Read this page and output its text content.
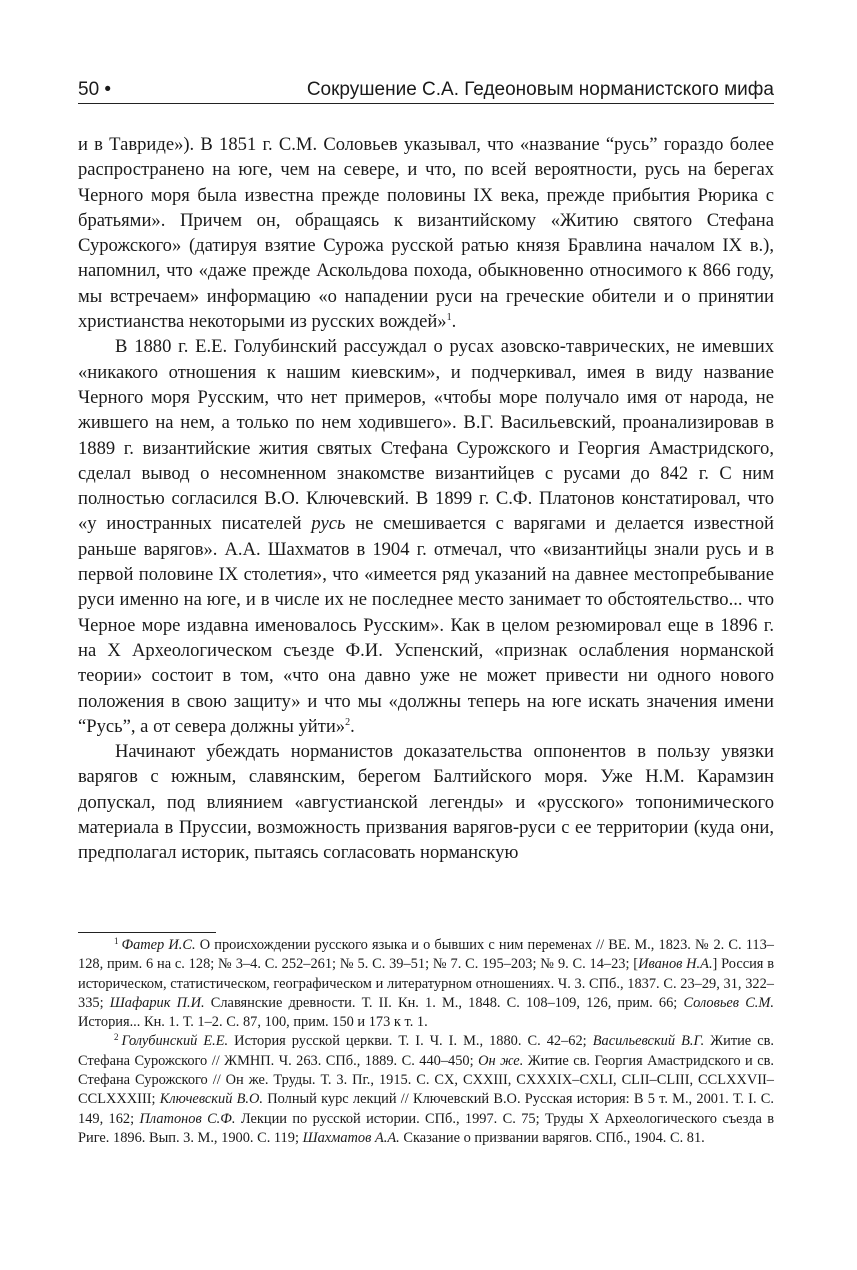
50 •	Сокрушение С.А. Гедеоновым норманистского мифа

и в Тавриде»). В 1851 г. С.М. Соловьев указывал, что «название “русь” гораздо более распространено на юге, чем на севере, и что, по всей вероятности, русь на берегах Черного моря была известна прежде половины IX века, прежде прибытия Рюрика с братьями». Причем он, обращаясь к византийскому «Житию святого Стефана Сурожского» (датируя взятие Сурожа русской ратью князя Бравлина началом IX в.), напомнил, что «даже прежде Аскольдова похода, обыкновенно относимого к 866 году, мы встречаем» информацию «о нападении руси на греческие обители и о принятии христианства некоторыми из русских вождей»$^1$.

В 1880 г. Е.Е. Голубинский рассуждал о русах азовско-таврических, не имевших «никакого отношения к нашим киевским», и подчеркивал, имея в виду название Черного моря Русским, что нет примеров, «чтобы море получало имя от народа, не жившего на нем, а только по нем ходившего». В.Г. Васильевский, проанализировав в 1889 г. византийские жития святых Стефана Сурожского и Георгия Амастридского, сделал вывод о несомненном знакомстве византийцев с русами до 842 г. С ним полностью согласился В.О. Ключевский. В 1899 г. С.Ф. Платонов констатировал, что «у иностранных писателей русь не смешивается с варягами и делается известной раньше варягов». А.А. Шахматов в 1904 г. отмечал, что «византийцы знали русь и в первой половине IX столетия», что «имеется ряд указаний на давнее местопребывание руси именно на юге, и в числе их не последнее место занимает то обстоятельство... что Черное море издавна именовалось Русским». Как в целом резюмировал еще в 1896 г. на X Археологическом съезде Ф.И. Успенский, «признак ослабления норманской теории» состоит в том, «что она давно уже не может привести ни одного нового положения в свою защиту» и что мы «должны теперь на юге искать значения имени “Русь”, а от севера должны уйти»$^2$.

Начинают убеждать норманистов доказательства оппонентов в пользу увязки варягов с южным, славянским, берегом Балтийского моря. Уже Н.М. Карамзин допускал, под влиянием «августианской легенды» и «русского» топонимического материала в Пруссии, возможность призвания варягов-руси с ее территории (куда они, предполагал историк, пытаясь согласовать норманскую

$^1$ Фатер И.С. О происхождении русского языка и о бывших с ним переменах // ВЕ. М., 1823. № 2. С. 113–128, прим. 6 на с. 128; № 3–4. С. 252–261; № 5. С. 39–51; № 7. С. 195–203; № 9. С. 14–23; [Иванов Н.А.] Россия в историческом, статистическом, географическом и литературном отношениях. Ч. 3. СПб., 1837. С. 23–29, 31, 322–335; Шафарик П.И. Славянские древности. Т. II. Кн. 1. М., 1848. С. 108–109, 126, прим. 66; Соловьев С.М. История... Кн. 1. Т. 1–2. С. 87, 100, прим. 150 и 173 к т. 1.

$^2$ Голубинский Е.Е. История русской церкви. Т. I. Ч. I. М., 1880. С. 42–62; Васильевский В.Г. Житие св. Стефана Сурожского // ЖМНП. Ч. 263. СПб., 1889. С. 440–450; Он же. Житие св. Георгия Амастридского и св. Стефана Сурожского // Он же. Труды. Т. 3. Пг., 1915. С. CX, CXXIII, CXXXIX–CXLI, CLII–CLIII, CCLXXVII–CCLXXXIII; Ключевский В.О. Полный курс лекций // Ключевский В.О. Русская история: В 5 т. М., 2001. Т. I. С. 149, 162; Платонов С.Ф. Лекции по русской истории. СПб., 1997. С. 75; Труды X Археологического съезда в Риге. 1896. Вып. 3. М., 1900. С. 119; Шахматов А.А. Сказание о призвании варягов. СПб., 1904. С. 81.
